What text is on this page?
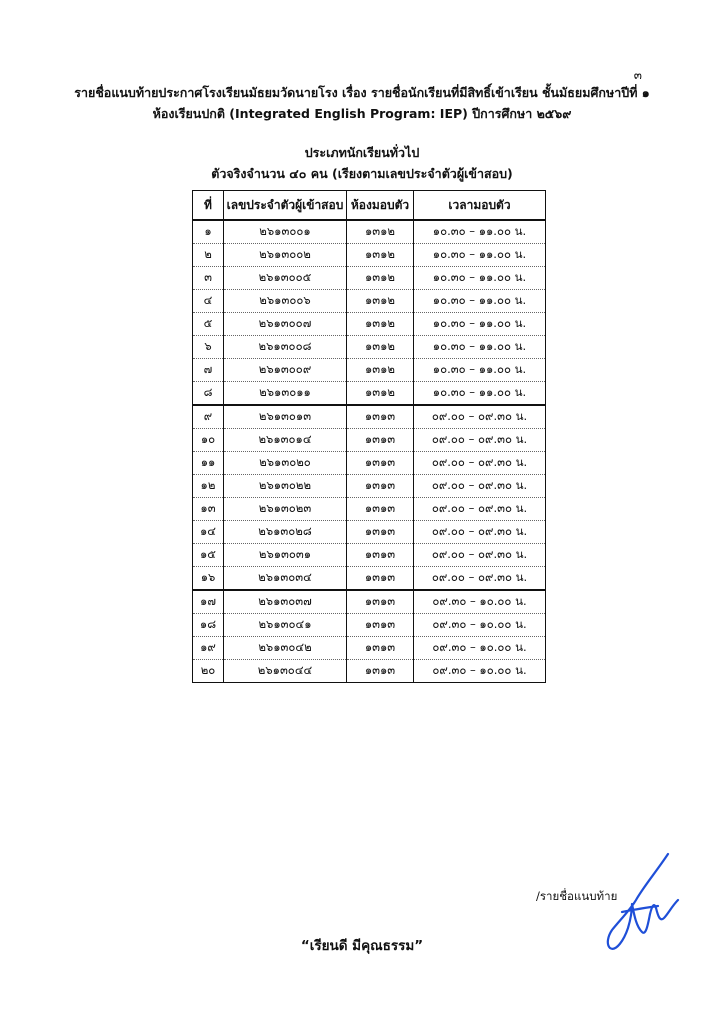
๓
รายชื่อแนบท้ายประกาศโรงเรียนมัธยมวัดนายโรง เรื่อง รายชื่อนักเรียนที่มีสิทธิ์เข้าเรียน ชั้นมัธยมศึกษาปีที่ ๑
ห้องเรียนปกติ (Integrated English Program: IEP) ปีการศึกษา ๒๕๖๙
ประเภทนักเรียนทั่วไป
ตัวจริงจำนวน ๔๐ คน (เรียงตามเลขประจำตัวผู้เข้าสอบ)
ที่	เลขประจำตัวผู้เข้าสอบ	ห้องมอบตัว	เวลามอบตัว
๑	๒๖๑๓๐๐๑	๑๓๑๒	๑๐.๓๐ – ๑๑.๐๐ น.
๒	๒๖๑๓๐๐๒	๑๓๑๒	๑๐.๓๐ – ๑๑.๐๐ น.
๓	๒๖๑๓๐๐๕	๑๓๑๒	๑๐.๓๐ – ๑๑.๐๐ น.
๔	๒๖๑๓๐๐๖	๑๓๑๒	๑๐.๓๐ – ๑๑.๐๐ น.
๕	๒๖๑๓๐๐๗	๑๓๑๒	๑๐.๓๐ – ๑๑.๐๐ น.
๖	๒๖๑๓๐๐๘	๑๓๑๒	๑๐.๓๐ – ๑๑.๐๐ น.
๗	๒๖๑๓๐๐๙	๑๓๑๒	๑๐.๓๐ – ๑๑.๐๐ น.
๘	๒๖๑๓๐๑๑	๑๓๑๒	๑๐.๓๐ – ๑๑.๐๐ น.
๙	๒๖๑๓๐๑๓	๑๓๑๓	๐๙.๐๐ – ๐๙.๓๐ น.
๑๐	๒๖๑๓๐๑๔	๑๓๑๓	๐๙.๐๐ – ๐๙.๓๐ น.
๑๑	๒๖๑๓๐๒๐	๑๓๑๓	๐๙.๐๐ – ๐๙.๓๐ น.
๑๒	๒๖๑๓๐๒๒	๑๓๑๓	๐๙.๐๐ – ๐๙.๓๐ น.
๑๓	๒๖๑๓๐๒๓	๑๓๑๓	๐๙.๐๐ – ๐๙.๓๐ น.
๑๔	๒๖๑๓๐๒๘	๑๓๑๓	๐๙.๐๐ – ๐๙.๓๐ น.
๑๕	๒๖๑๓๐๓๑	๑๓๑๓	๐๙.๐๐ – ๐๙.๓๐ น.
๑๖	๒๖๑๓๐๓๔	๑๓๑๓	๐๙.๐๐ – ๐๙.๓๐ น.
๑๗	๒๖๑๓๐๓๗	๑๓๑๓	๐๙.๓๐ – ๑๐.๐๐ น.
๑๘	๒๖๑๓๐๔๑	๑๓๑๓	๐๙.๓๐ – ๑๐.๐๐ น.
๑๙	๒๖๑๓๐๔๒	๑๓๑๓	๐๙.๓๐ – ๑๐.๐๐ น.
๒๐	๒๖๑๓๐๔๔	๑๓๑๓	๐๙.๓๐ – ๑๐.๐๐ น.
/รายชื่อแนบท้าย
“เรียนดี มีคุณธรรม”
